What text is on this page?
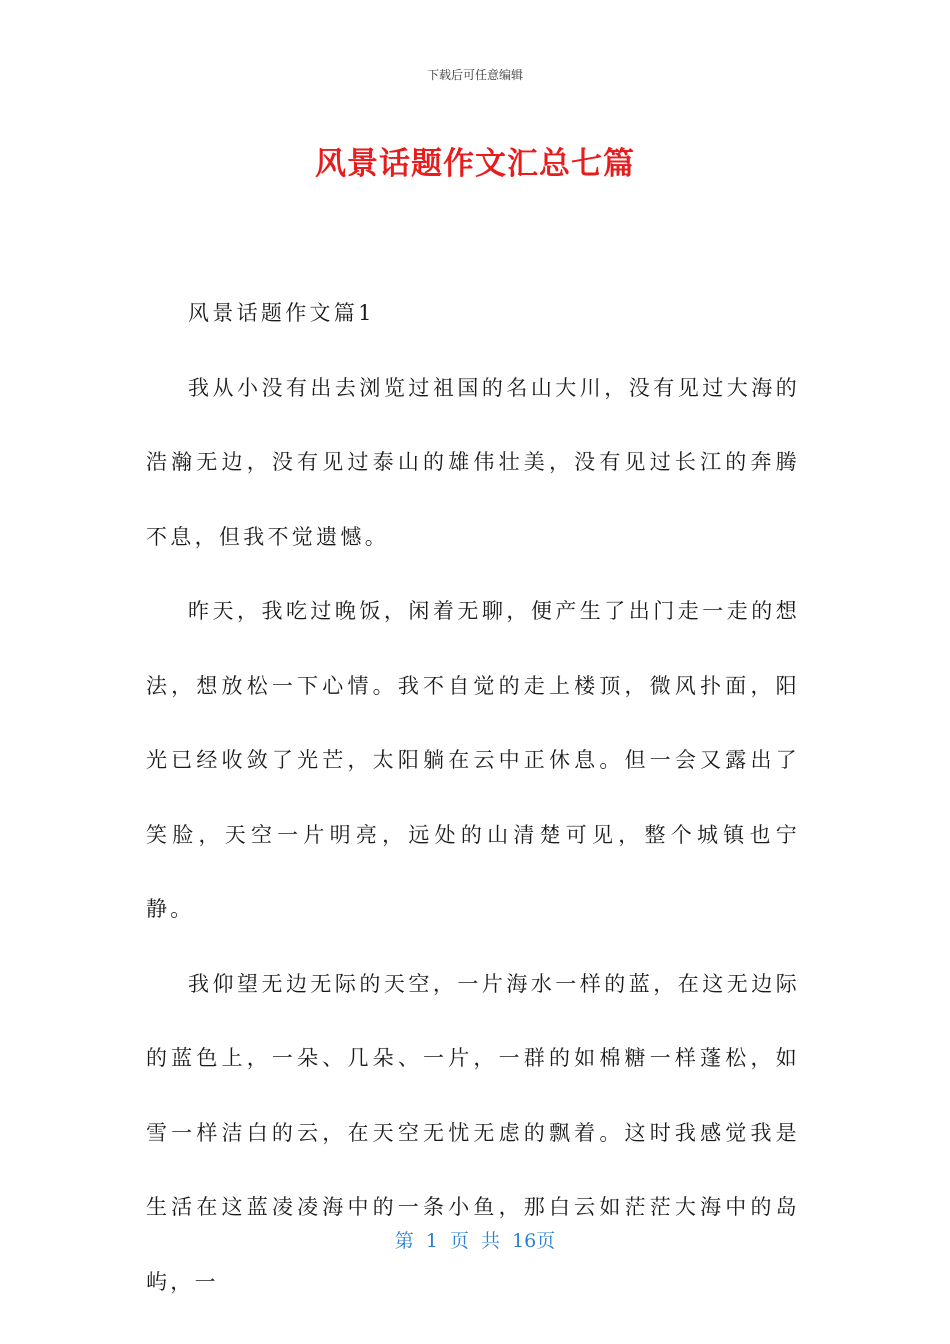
下载后可任意编辑
风景话题作文汇总七篇

风景话题作文篇1

我从小没有出去浏览过祖国的名山大川，没有见过大海的浩瀚无边，没有见过泰山的雄伟壮美，没有见过长江的奔腾不息，但我不觉遗憾。

昨天，我吃过晚饭，闲着无聊，便产生了出门走一走的想法，想放松一下心情。我不自觉的走上楼顶，微风扑面，阳光已经收敛了光芒，太阳躺在云中正休息。但一会又露出了笑脸，天空一片明亮，远处的山清楚可见，整个城镇也宁静。

我仰望无边无际的天空，一片海水一样的蓝，在这无边际的蓝色上，一朵、几朵、一片，一群的如棉糖一样蓬松，如雪一样洁白的云，在天空无忧无虑的飘着。这时我感觉我是生活在这蓝凌凌海中的一条小鱼，那白云如茫茫大海中的岛屿，一

第 1 页 共 16页
